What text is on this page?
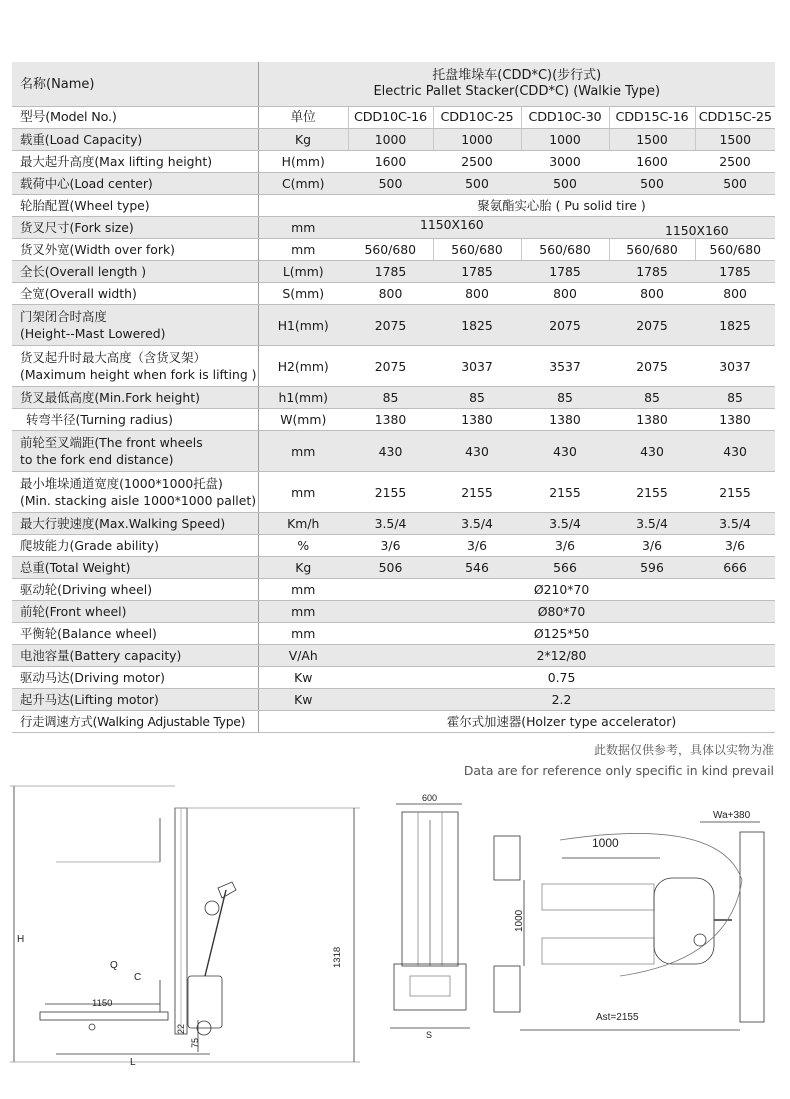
名称(Name)	托盘堆垛车(CDD*C)(步行式)
Electric Pallet Stacker(CDD*C) (Walkie Type)					

型号(Model No.)	单位	CDD10C-16	CDD10C-25	CDD10C-30	CDD15C-16	CDD15C-25
载重(Load Capacity)	Kg	1000	1000	1000	1500	1500
最大起升高度(Max lifting height)	H(mm)	1600	2500	3000	1600	2500
载荷中心(Load center)	C(mm)	500	500	500	500	500
轮胎配置(Wheel type)		聚氨酯实心胎 ( Pu solid tire )				
货叉尺寸(Fork size)	mm	1150X160			1150X160	
货叉外宽(Width over fork)	mm	560/680	560/680	560/680	560/680	560/680
全长(Overall length )	L(mm)	1785	1785	1785	1785	1785
全宽(Overall width)	S(mm)	800	800	800	800	800

门架闭合时高度
(Height--Mast Lowered)	H1(mm)	2075	1825	2075	2075	1825

货叉起升时最大高度（含货叉架）
(Maximum height when fork is lifting )	H2(mm)	2075	3037	3537	2075	3037
货叉最低高度(Min.Fork height)	h1(mm)	85	85	85	85	85
转弯半径(Turning radius)	W(mm)	1380	1380	1380	1380	1380

前轮至叉端距(The front wheels
to the fork end distance)	mm	430	430	430	430	430

最小堆垛通道宽度(1000*1000托盘)
(Min. stacking aisle 1000*1000 pallet)	mm	2155	2155	2155	2155	2155
最大行驶速度(Max.Walking Speed)	Km/h	3.5/4	3.5/4	3.5/4	3.5/4	3.5/4
爬坡能力(Grade ability)	%	3/6	3/6	3/6	3/6	3/6
总重(Total Weight)	Kg	506	546	566	596	666
驱动轮(Driving wheel)	mm	Ø210*70				
前轮(Front wheel)	mm	Ø80*70				
平衡轮(Balance wheel)	mm	Ø125*50				
电池容量(Battery capacity)	V/Ah	2*12/80				
驱动马达(Driving motor)	Kw	0.75				
起升马达(Lifting motor)	Kw	2.2				
行走调速方式(Walking Adjustable Type)		霍尔式加速器(Holzer type accelerator)				
此数据仅供参考，具体以实物为准
Data are for reference only specific in kind prevail
H
Q
C
1150
1318
22
75
L
600
S
Wa+380
1000
1000
Ast=2155
